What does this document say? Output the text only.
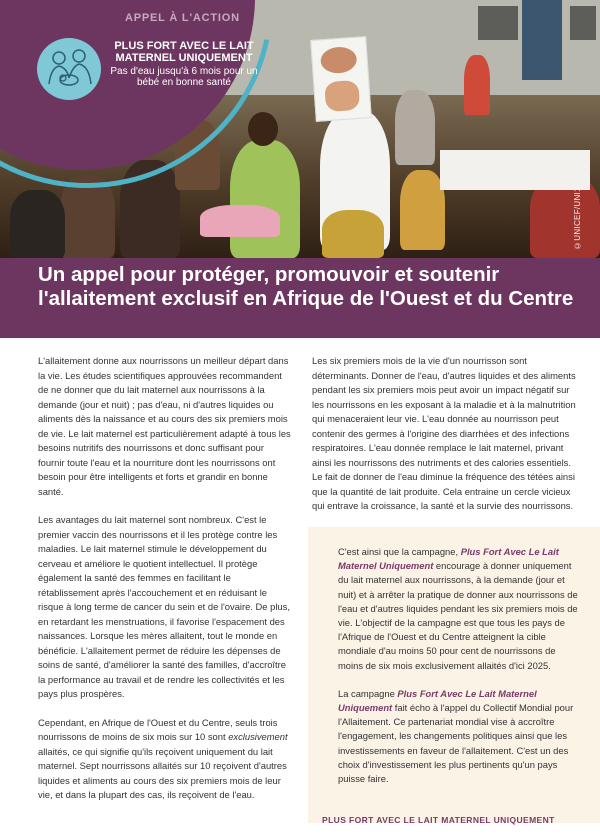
©UNICEF/UNI149657/
APPEL À L'ACTION
PLUS FORT AVEC LE LAIT MATERNEL UNIQUEMENT
Pas d'eau jusqu'à 6 mois pour un bébé en bonne santé
Un appel pour protéger, promouvoir et soutenir l'allaitement exclusif en Afrique de l'Ouest et du Centre

L'allaitement donne aux nourrissons un meilleur départ dans la vie. Les études scientifiques approuvées recommandent de ne donner que du lait maternel aux nourrissons à la demande (jour et nuit) ; pas d'eau, ni d'autres liquides ou aliments dès la naissance et au cours des six premiers mois de vie. Le lait maternel est particulièrement adapté à tous les besoins nutritifs des nourrissons et donc suffisant pour fournir toute l'eau et la nourriture dont les nourrissons ont besoin pour être intelligents et forts et grandir en bonne santé.

Les avantages du lait maternel sont nombreux. C'est le premier vaccin des nourrissons et il les protège contre les maladies. Le lait maternel stimule le développement du cerveau et améliore le quotient intellectuel. Il protège également la santé des femmes en facilitant le rétablissement après l'accouchement et en réduisant le risque à long terme de cancer du sein et de l'ovaire. De plus, en retardant les menstruations, il favorise l'espacement des naissances. Lorsque les mères allaitent, tout le monde en bénéficie. L'allaitement permet de réduire les dépenses de soins de santé, d'améliorer la santé des familles, d'accroître la performance au travail et de rendre les collectivités et les pays plus prospères.

Cependant, en Afrique de l'Ouest et du Centre, seuls trois nourrissons de moins de six mois sur 10 sont exclusivement allaités, ce qui signifie qu'ils reçoivent uniquement du lait maternel. Sept nourrissons allaités sur 10 reçoivent d'autres liquides et aliments au cours des six premiers mois de leur vie, et dans la plupart des cas, ils reçoivent de l'eau.

Les six premiers mois de la vie d'un nourrisson sont déterminants. Donner de l'eau, d'autres liquides et des aliments pendant les six premiers mois peut avoir un impact négatif sur les nourrissons en les exposant à la maladie et à la malnutrition qui menaceraient leur vie. L'eau donnée au nourrisson peut contenir des germes à l'origine des diarrhées et des infections respiratoires. L'eau donnée remplace le lait maternel, privant ainsi les nourrissons des nutriments et des calories essentiels. Le fait de donner de l'eau diminue la fréquence des tétées ainsi que la quantité de lait produite. Cela entraine un cercle vicieux qui entrave la croissance, la santé et la survie des nourrissons.

C'est ainsi que la campagne, Plus Fort Avec Le Lait Maternel Uniquement encourage à donner uniquement du lait maternel aux nourrissons, à la demande (jour et nuit) et à arrêter la pratique de donner aux nourrissons de l'eau et d'autres liquides pendant les six premiers mois de vie. L'objectif de la campagne est que tous les pays de l'Afrique de l'Ouest et du Centre atteignent la cible mondiale d'au moins 50 pour cent de nourrissons de moins de six mois exclusivement allaités d'ici 2025.

La campagne Plus Fort Avec Le Lait Maternel Uniquement fait écho à l'appel du Collectif Mondial pour l'Allaitement. Ce partenariat mondial vise à accroître l'engagement, les changements politiques ainsi que les investissements en faveur de l'allaitement. C'est un des choix d'investissement les plus pertinents qu'un pays puisse faire.

PLUS FORT AVEC LE LAIT MATERNEL UNIQUEMENT
